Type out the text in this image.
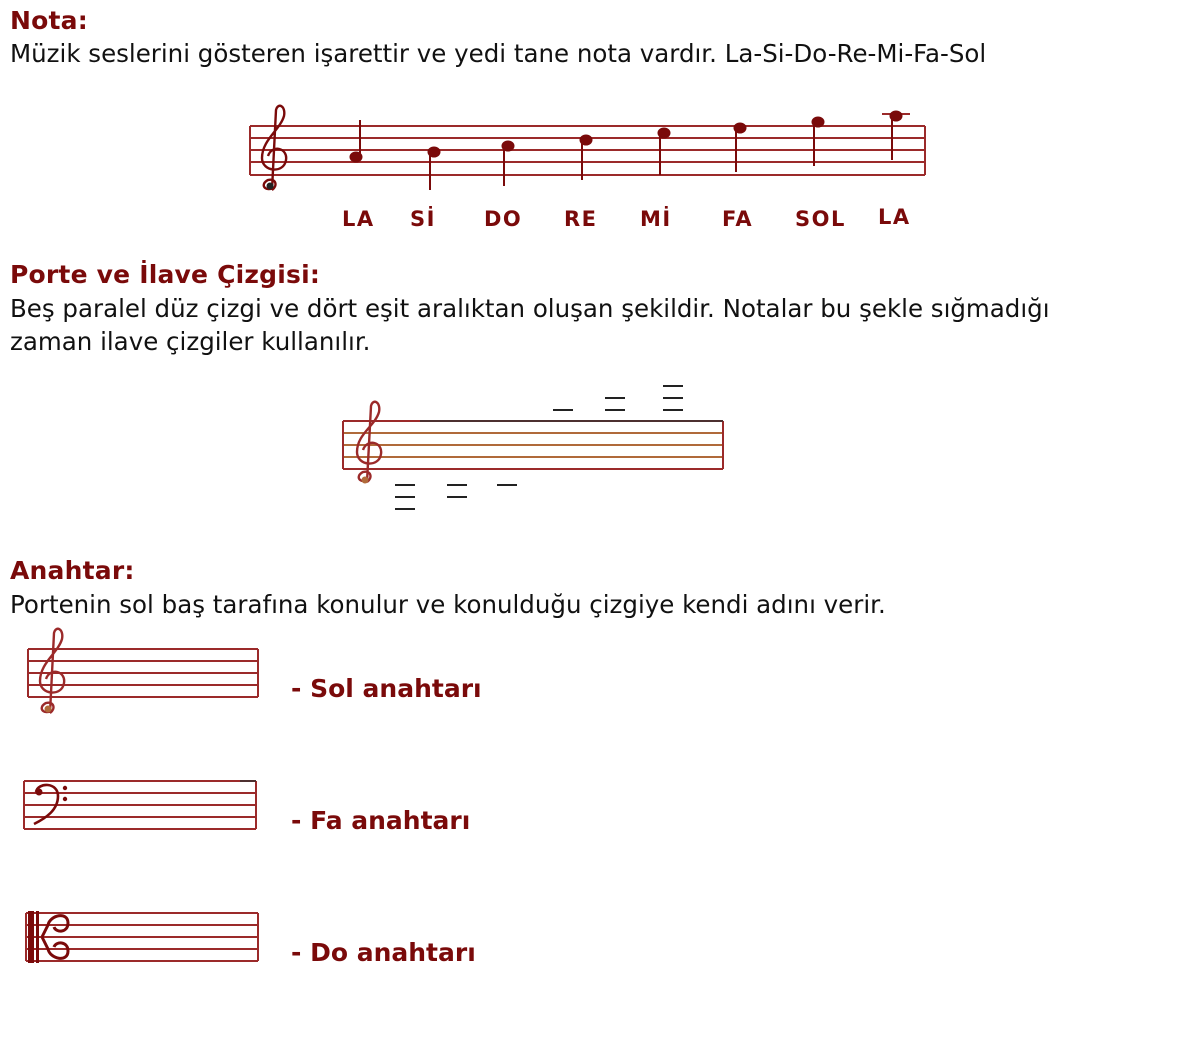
Nota:

Müzik seslerini gösteren işarettir ve yedi tane nota vardır. La-Si-Do-Re-Mi-Fa-Sol

LA Sİ DO RE Mİ FA SOL LA
Porte ve İlave Çizgisi:

Beş paralel düz çizgi ve dört eşit aralıktan oluşan şekildir. Notalar bu şekle sığmadığı

zaman ilave çizgiler kullanılır.

Anahtar:

Portenin sol baş tarafına konulur ve konulduğu çizgiye kendi adını verir.

- Sol anahtarı
- Fa anahtarı
- Do anahtarı
